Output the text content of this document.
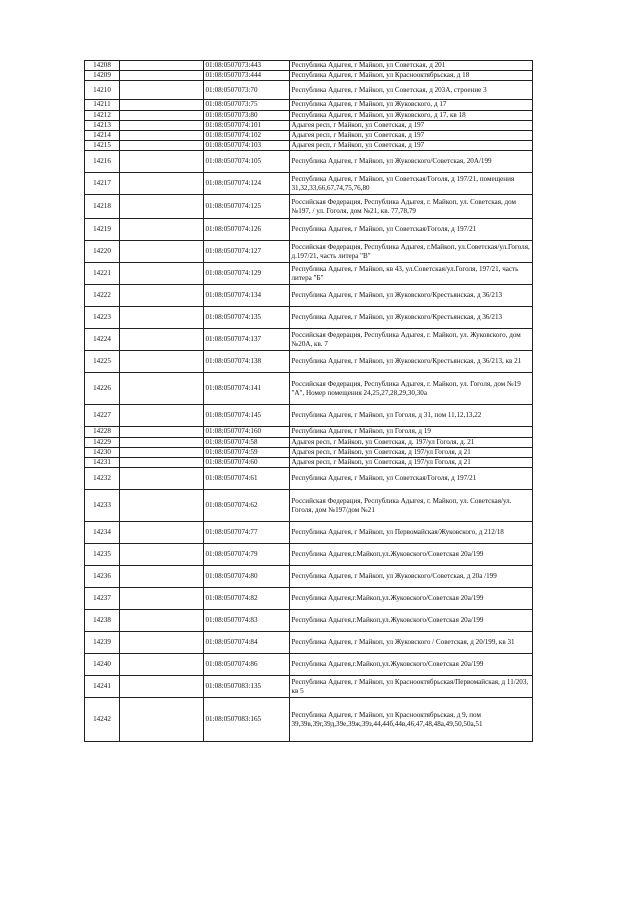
14208		01:08:0507073:443	Республика Адыгея, г Майкоп, ул Советская, д 201
14209		01:08:0507073:444	Республика Адыгея, г Майкоп, ул Краснооктябрьская, д 18
14210		01:08:0507073:70	Республика Адыгея, г Майкоп, ул Советская, д 203А, строение 3
14211		01:08:0507073:75	Республика Адыгея, г Майкоп, ул Жуковского, д 17
14212		01:08:0507073:80	Республика Адыгея, г Майкоп, ул Жуковского, д 17, кв 18
14213		01:08:0507074:101	Адыгея респ, г Майкоп, ул Советская, д 197
14214		01:08:0507074:102	Адыгея респ, г Майкоп, ул Советская, д 197
14215		01:08:0507074:103	Адыгея респ, г Майкоп, ул Советская, д 197
14216		01:08:0507074:105	Республика Адыгея, г Майкоп, ул Жуковского/Советская, 20А/199
14217		01:08:0507074:124	Республика Адыгея, г Майкоп, ул Советская/Гоголя, д 197/21, помещения 31,32,33,66,67,74,75,76,80
14218		01:08:0507074:125	Российская Федерация, Республика Адыгея, г. Майкоп, ул. Советская, дом №197, / ул. Гоголя, дом №21, кв. 77,78,79
14219		01:08:0507074:126	Республика Адыгея, г Майкоп, ул Советская/Гоголя, д 197/21
14220		01:08:0507074:127	Российская Федерация, Республика Адыгея, г.Майкоп, ул.Советская/ул.Гоголя, д.197/21, часть литера "В"
14221		01:08:0507074:129	Республика Адыгея, г Майкоп, кв 43, ул.Советская/ул.Гоголя, 197/21, часть литера "Б"
14222		01:08:0507074:134	Республика Адыгея, г Майкоп, ул Жуковского/Крестьянская, д 36/213
14223		01:08:0507074:135	Республика Адыгея, г Майкоп, ул Жуковского/Крестьянская, д 36/213
14224		01:08:0507074:137	Российская Федерация, Республика Адыгея, г. Майкоп, ул. Жуковского, дом №20А, кв. 7
14225		01:08:0507074:138	Республика Адыгея, г Майкоп, ул Жуковского/Крестьянская, д 36/213, кв 21
14226		01:08:0507074:141	Российская Федерация, Республика Адыгея, г. Майкоп, ул. Гоголя, дом №19 "А", Номер помещения 24,25,27,28,29,30,30а
14227		01:08:0507074:145	Республика Адыгея, г Майкоп, ул Гоголя, д 31, пом 11,12,13,22
14228		01:08:0507074:160	Республика Адыгея, г Майкоп, ул Гоголя, д 19
14229		01:08:0507074:58	Адыгея респ, г Майкоп, ул Советская, д. 197/ул Гоголя, д. 21
14230		01:08:0507074:59	Адыгея респ, г Майкоп, ул Советская, д 197/ул Гоголя, д 21
14231		01:08:0507074:60	Адыгея респ, г Майкоп, ул Советская, д 197/ул Гоголя, д 21
14232		01:08:0507074:61	Республика Адыгея, г Майкоп, ул Советская/Гоголя, д 197/21
14233		01:08:0507074:62	Российская Федерация, Республика Адыгея, г. Майкоп, ул. Советская/ул. Гоголя, дом №197/дом №21
14234		01:08:0507074:77	Республика Адыгея, г Майкоп, ул Первомайская/Жуковского, д 212/18
14235		01:08:0507074:79	Республика Адыгея,г.Майкоп,ул.Жуковского/Советская 20а/199
14236		01:08:0507074:80	Республика Адыгея, г Майкоп, ул Жуковского/Советская, д 20а /199
14237		01:08:0507074:82	Республика Адыгея,г.Майкоп,ул.Жуковского/Советская 20а/199
14238		01:08:0507074:83	Республика Адыгея,г.Майкоп,ул.Жуковского/Советская 20а/199
14239		01:08:0507074:84	Республика Адыгея, г Майкоп, ул Жуковского / Советская, д 20/199, кв 31
14240		01:08:0507074:86	Республика Адыгея,г.Майкоп,ул.Жуковского/Советская 20а/199
14241		01:08:0507083:135	Республика Адыгея, г Майкоп, ул Краснооктябрьская/Первомайская, д 11/203, кв 5
14242		01:08:0507083:165	Республика Адыгея, г Майкоп, ул Краснооктябрьская, д 9, пом 39,39в,39г,39д,39е,39ж,39з,44,44б,44в,46,47,48,48а,49,50,50а,51
